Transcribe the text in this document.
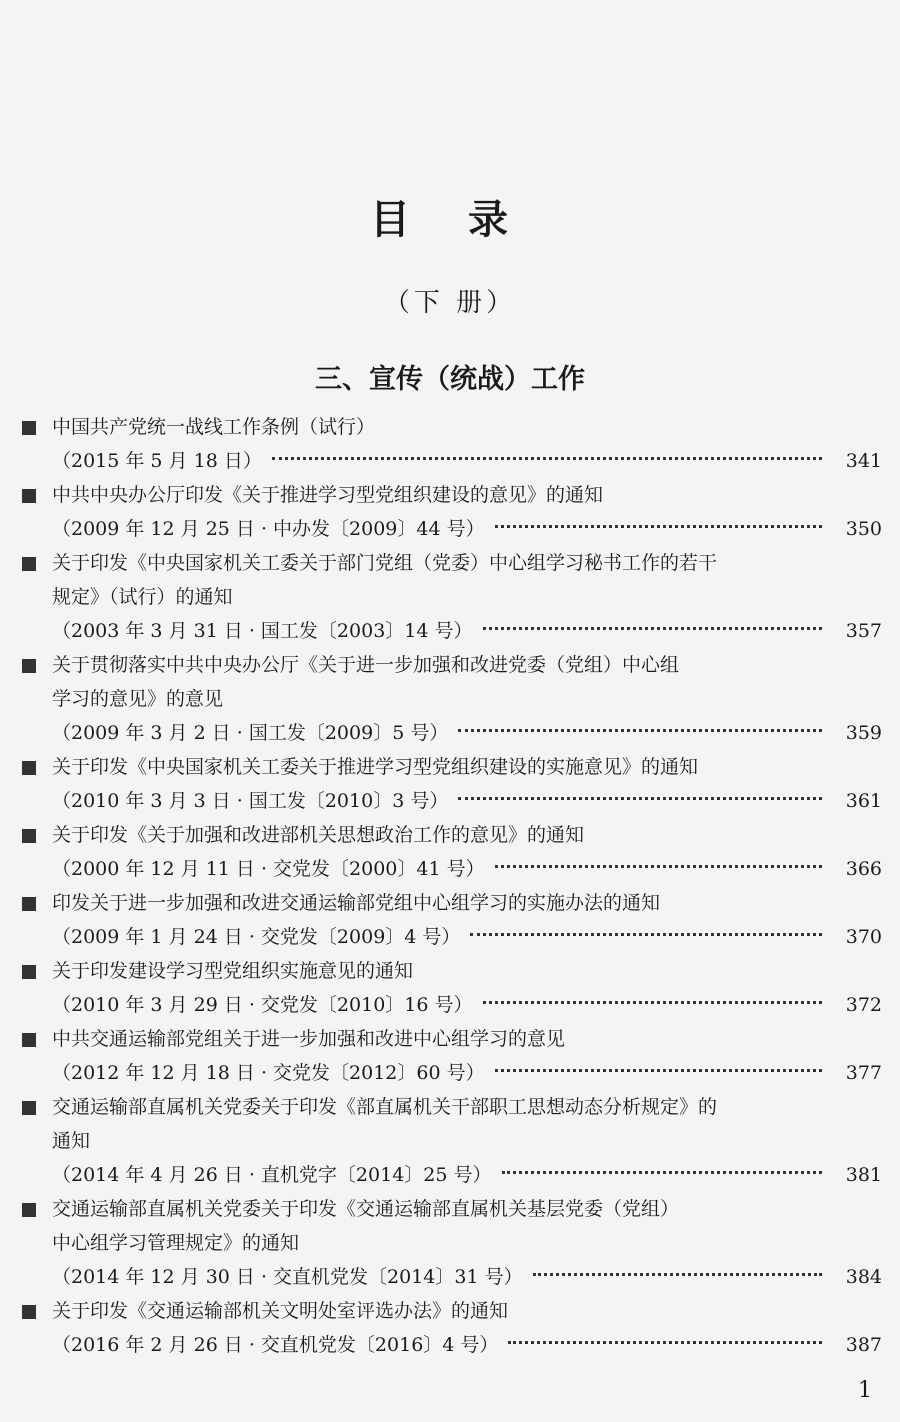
目 录
（下 册）
三、宣传（统战）工作
中国共产党统一战线工作条例（试行）
（2015 年 5 月 18 日）	341
中共中央办公厅印发《关于推进学习型党组织建设的意见》的通知
（2009 年 12 月 25 日 · 中办发〔2009〕44 号）	350
关于印发《中央国家机关工委关于部门党组（党委）中心组学习秘书工作的若干
规定》（试行）的通知
（2003 年 3 月 31 日 · 国工发〔2003〕14 号）	357
关于贯彻落实中共中央办公厅《关于进一步加强和改进党委（党组）中心组
学习的意见》的意见
（2009 年 3 月 2 日 · 国工发〔2009〕5 号）	359
关于印发《中央国家机关工委关于推进学习型党组织建设的实施意见》的通知
（2010 年 3 月 3 日 · 国工发〔2010〕3 号）	361
关于印发《关于加强和改进部机关思想政治工作的意见》的通知
（2000 年 12 月 11 日 · 交党发〔2000〕41 号）	366
印发关于进一步加强和改进交通运输部党组中心组学习的实施办法的通知
（2009 年 1 月 24 日 · 交党发〔2009〕4 号）	370
关于印发建设学习型党组织实施意见的通知
（2010 年 3 月 29 日 · 交党发〔2010〕16 号）	372
中共交通运输部党组关于进一步加强和改进中心组学习的意见
（2012 年 12 月 18 日 · 交党发〔2012〕60 号）	377
交通运输部直属机关党委关于印发《部直属机关干部职工思想动态分析规定》的
通知
（2014 年 4 月 26 日 · 直机党字〔2014〕25 号）	381
交通运输部直属机关党委关于印发《交通运输部直属机关基层党委（党组）
中心组学习管理规定》的通知
（2014 年 12 月 30 日 · 交直机党发〔2014〕31 号）	384
关于印发《交通运输部机关文明处室评选办法》的通知
（2016 年 2 月 26 日 · 交直机党发〔2016〕4 号）	387
1
